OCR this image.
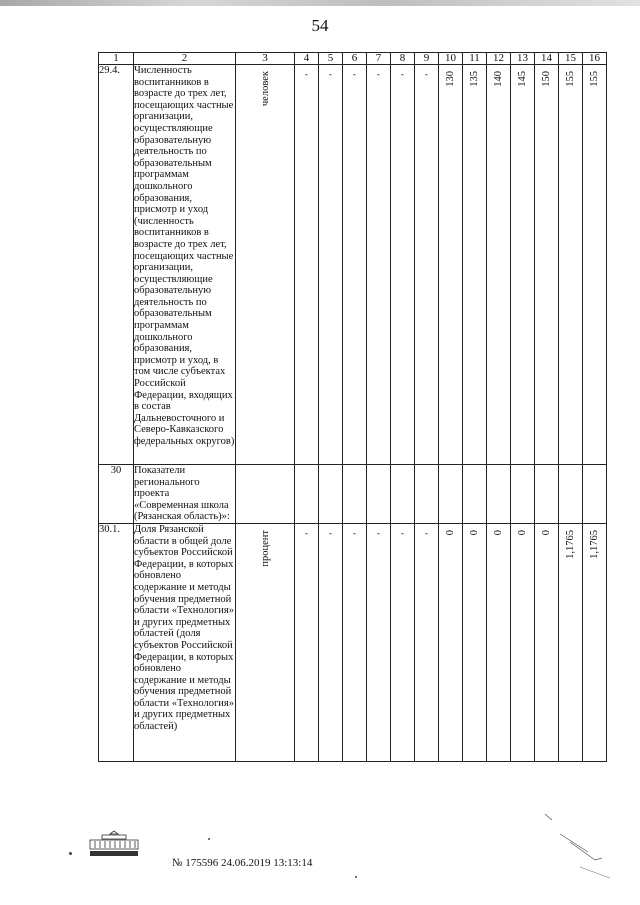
54
1	2	3	4	5	6	7	8	9	10	11	12	13	14	15	16
29.4.	Численность воспитанников в возрасте до трех лет, посещающих частные организации, осуществляющие образовательную деятельность по образовательным программам дошкольного образования, присмотр и уход (численность воспитанников в возрасте до трех лет, посещающих частные организации, осуществляющие образовательную деятельность по образовательным программам дошкольного образования, присмотр и уход, в том числе субъектах Российской Федерации, входящих в состав Дальневосточного и Северо-Кавказского федеральных округов)	человек	-	-	-	-	-	-	130	135	140	145	150	155	155

30	Показатели регионального проекта «Современная школа (Рязанская область)»:														
30.1.	Доля Рязанской области в общей доле субъектов Российской Федерации, в которых обновлено содержание и методы обучения предметной области «Технология» и других предметных областей (доля субъектов Российской Федерации, в которых обновлено содержание и методы обучения предметной области «Технология» и других предметных областей)	процент	-	-	-	-	-	-	0	0	0	0	0	1,1765	1,1765
№ 175596 24.06.2019 13:13:14
